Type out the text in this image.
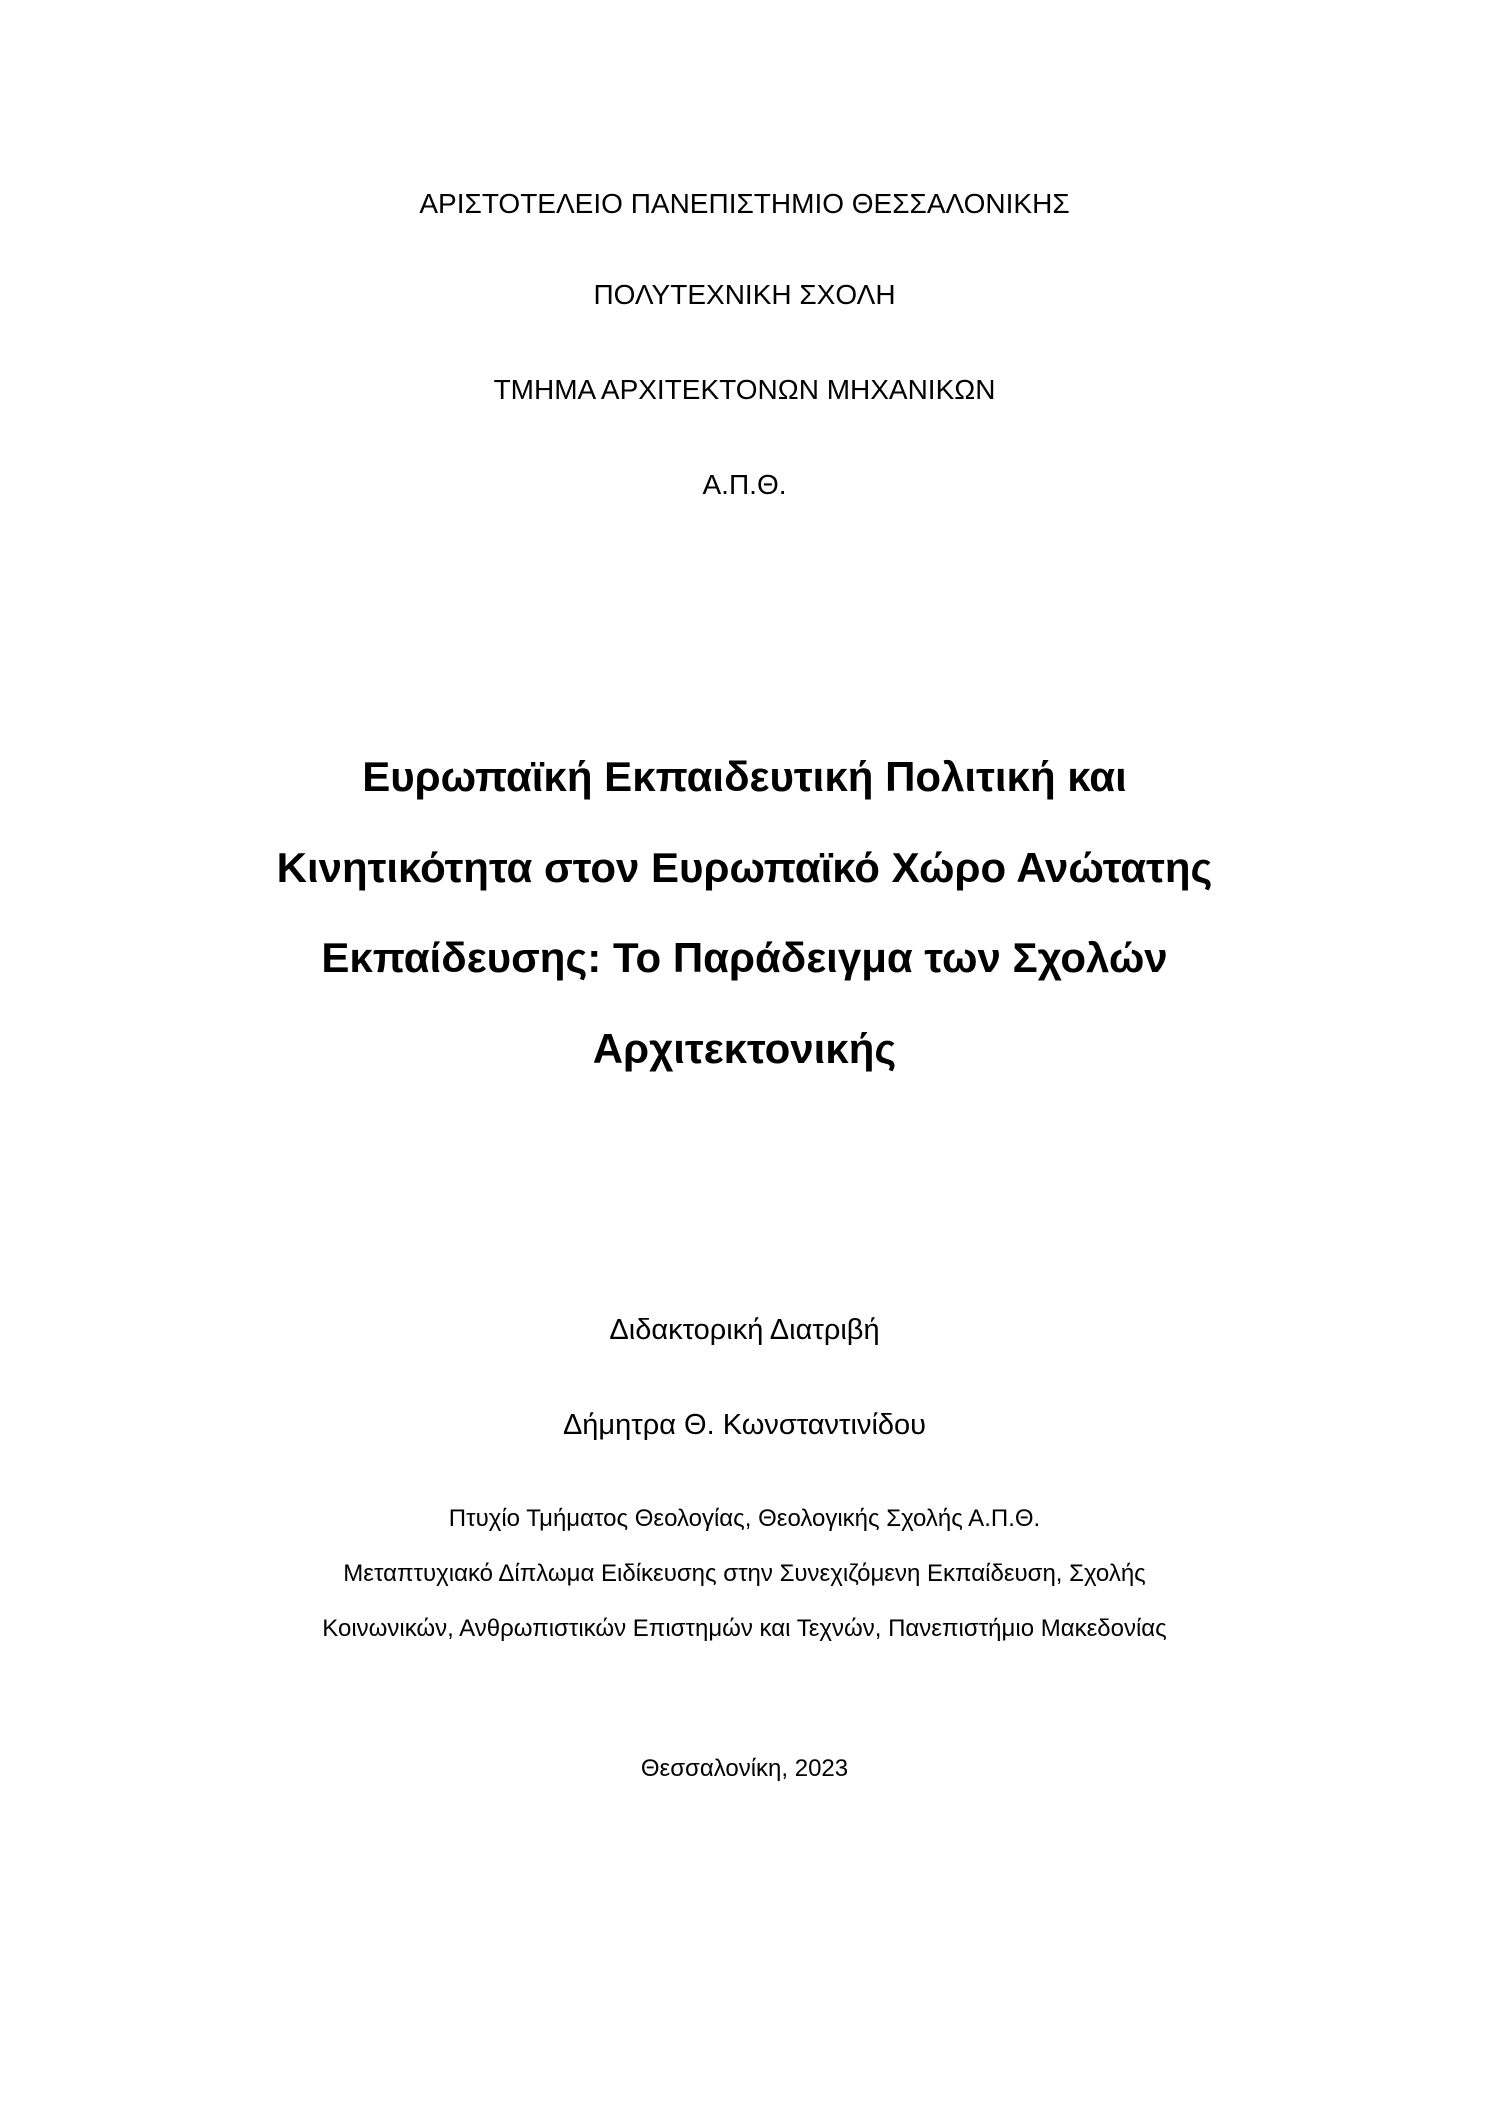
ΑΡΙΣΤΟΤΕΛΕΙΟ ΠΑΝΕΠΙΣΤΗΜΙΟ ΘΕΣΣΑΛΟΝΙΚΗΣ
ΠΟΛΥΤΕΧΝΙΚΗ ΣΧΟΛΗ
ΤΜΗΜΑ ΑΡΧΙΤΕΚΤΟΝΩΝ ΜΗΧΑΝΙΚΩΝ
Α.Π.Θ.
Ευρωπαϊκή Εκπαιδευτική Πολιτική και
Κινητικότητα στον Ευρωπαϊκό Χώρο Ανώτατης
Εκπαίδευσης: Το Παράδειγμα των Σχολών
Αρχιτεκτονικής
Διδακτορική Διατριβή
Δήμητρα Θ. Κωνσταντινίδου
Πτυχίο Τμήματος Θεολογίας, Θεολογικής Σχολής Α.Π.Θ.
Μεταπτυχιακό Δίπλωμα Ειδίκευσης στην Συνεχιζόμενη Εκπαίδευση, Σχολής
Κοινωνικών, Ανθρωπιστικών Επιστημών και Τεχνών, Πανεπιστήμιο Μακεδονίας
Θεσσαλονίκη, 2023
